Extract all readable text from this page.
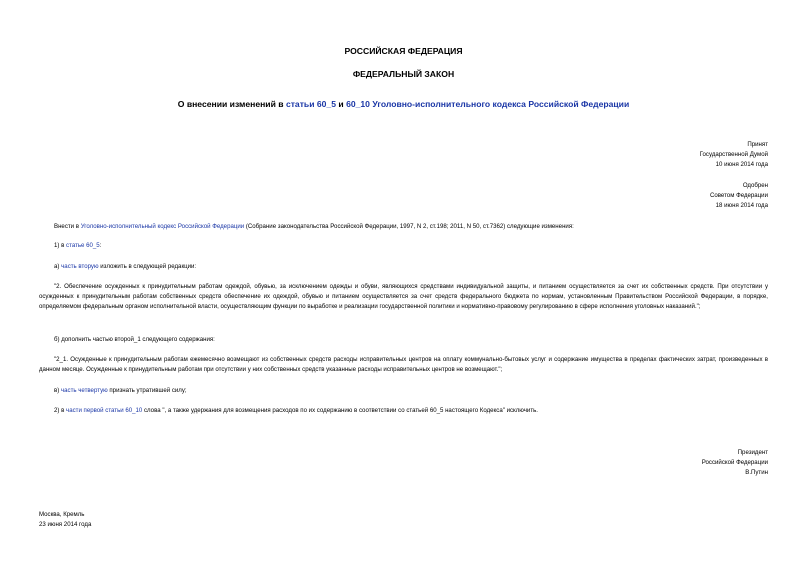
РОССИЙСКАЯ ФЕДЕРАЦИЯ
ФЕДЕРАЛЬНЫЙ ЗАКОН
О внесении изменений в статьи 60_5 и 60_10 Уголовно-исполнительного кодекса Российской Федерации
Принят
Государственной Думой
10 июня 2014 года
Одобрен
Советом Федерации
18 июня 2014 года
Внести в Уголовно-исполнительный кодекс Российской Федерации (Собрание законодательства Российской Федерации, 1997, N 2, ст.198; 2011, N 50, ст.7362) следующие изменения:
1) в статье 60_5:
а) часть вторую изложить в следующей редакции:
"2. Обеспечение осужденных к принудительным работам одеждой, обувью, за исключением одежды и обуви, являющихся средствами индивидуальной защиты, и питанием осуществляется за счет их собственных средств. При отсутствии у осужденных к принудительным работам собственных средств обеспечение их одеждой, обувью и питанием осуществляется за счет средств федерального бюджета по нормам, установленным Правительством Российской Федерации, в порядке, определяемом федеральным органом исполнительной власти, осуществляющим функции по выработке и реализации государственной политики и нормативно-правовому регулированию в сфере исполнения уголовных наказаний.";
б) дополнить частью второй_1 следующего содержания:
"2_1. Осужденные к принудительным работам ежемесячно возмещают из собственных средств расходы исправительных центров на оплату коммунально-бытовых услуг и содержание имущества в пределах фактических затрат, произведенных в данном месяце. Осужденные к принудительным работам при отсутствии у них собственных средств указанные расходы исправительных центров не возмещают.";
в) часть четвертую признать утратившей силу;
2) в части первой статьи 60_10 слова ", а также удержания для возмещения расходов по их содержанию в соответствии со статьей 60_5 настоящего Кодекса" исключить.
Президент
Российской Федерации
В.Путин
Москва, Кремль
23 июня 2014 года
